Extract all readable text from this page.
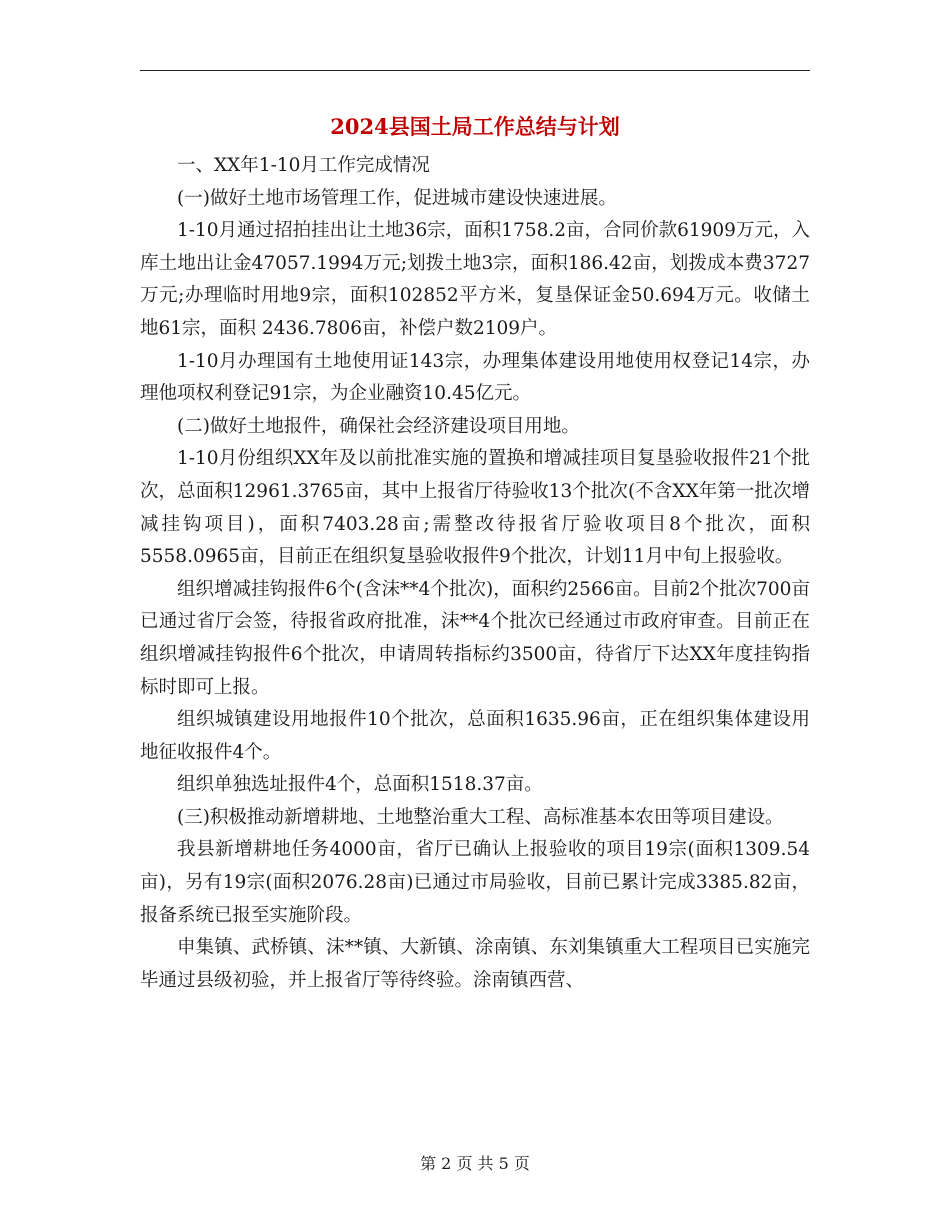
2024县国土局工作总结与计划

一、XX年1-10月工作完成情况

(一)做好土地市场管理工作，促进城市建设快速进展。

1-10月通过招拍挂出让土地36宗，面积1758.2亩，合同价款61909万元，入库土地出让金47057.1994万元;划拨土地3宗，面积186.42亩，划拨成本费3727万元;办理临时用地9宗，面积102852平方米，复垦保证金50.694万元。收储土地61宗，面积 2436.7806亩，补偿户数2109户。

1-10月办理国有土地使用证143宗，办理集体建设用地使用权登记14宗，办理他项权利登记91宗，为企业融资10.45亿元。

(二)做好土地报件，确保社会经济建设项目用地。

1-10月份组织XX年及以前批准实施的置换和增减挂项目复垦验收报件21个批次，总面积12961.3765亩，其中上报省厅待验收13个批次(不含XX年第一批次增减挂钩项目)，面积7403.28亩;需整改待报省厅验收项目8个批次，面积5558.0965亩，目前正在组织复垦验收报件9个批次，计划11月中旬上报验收。

组织增减挂钩报件6个(含沫**4个批次)，面积约2566亩。目前2个批次700亩已通过省厅会签，待报省政府批准，沫**4个批次已经通过市政府审查。目前正在组织增减挂钩报件6个批次，申请周转指标约3500亩，待省厅下达XX年度挂钩指标时即可上报。

组织城镇建设用地报件10个批次，总面积1635.96亩，正在组织集体建设用地征收报件4个。

组织单独选址报件4个，总面积1518.37亩。

(三)积极推动新增耕地、土地整治重大工程、高标准基本农田等项目建设。

我县新增耕地任务4000亩，省厅已确认上报验收的项目19宗(面积1309.54亩)，另有19宗(面积2076.28亩)已通过市局验收，目前已累计完成3385.82亩，报备系统已报至实施阶段。

申集镇、武桥镇、沫**镇、大新镇、涂南镇、东刘集镇重大工程项目已实施完毕通过县级初验，并上报省厅等待终验。涂南镇西营、

第 2 页 共 5 页
